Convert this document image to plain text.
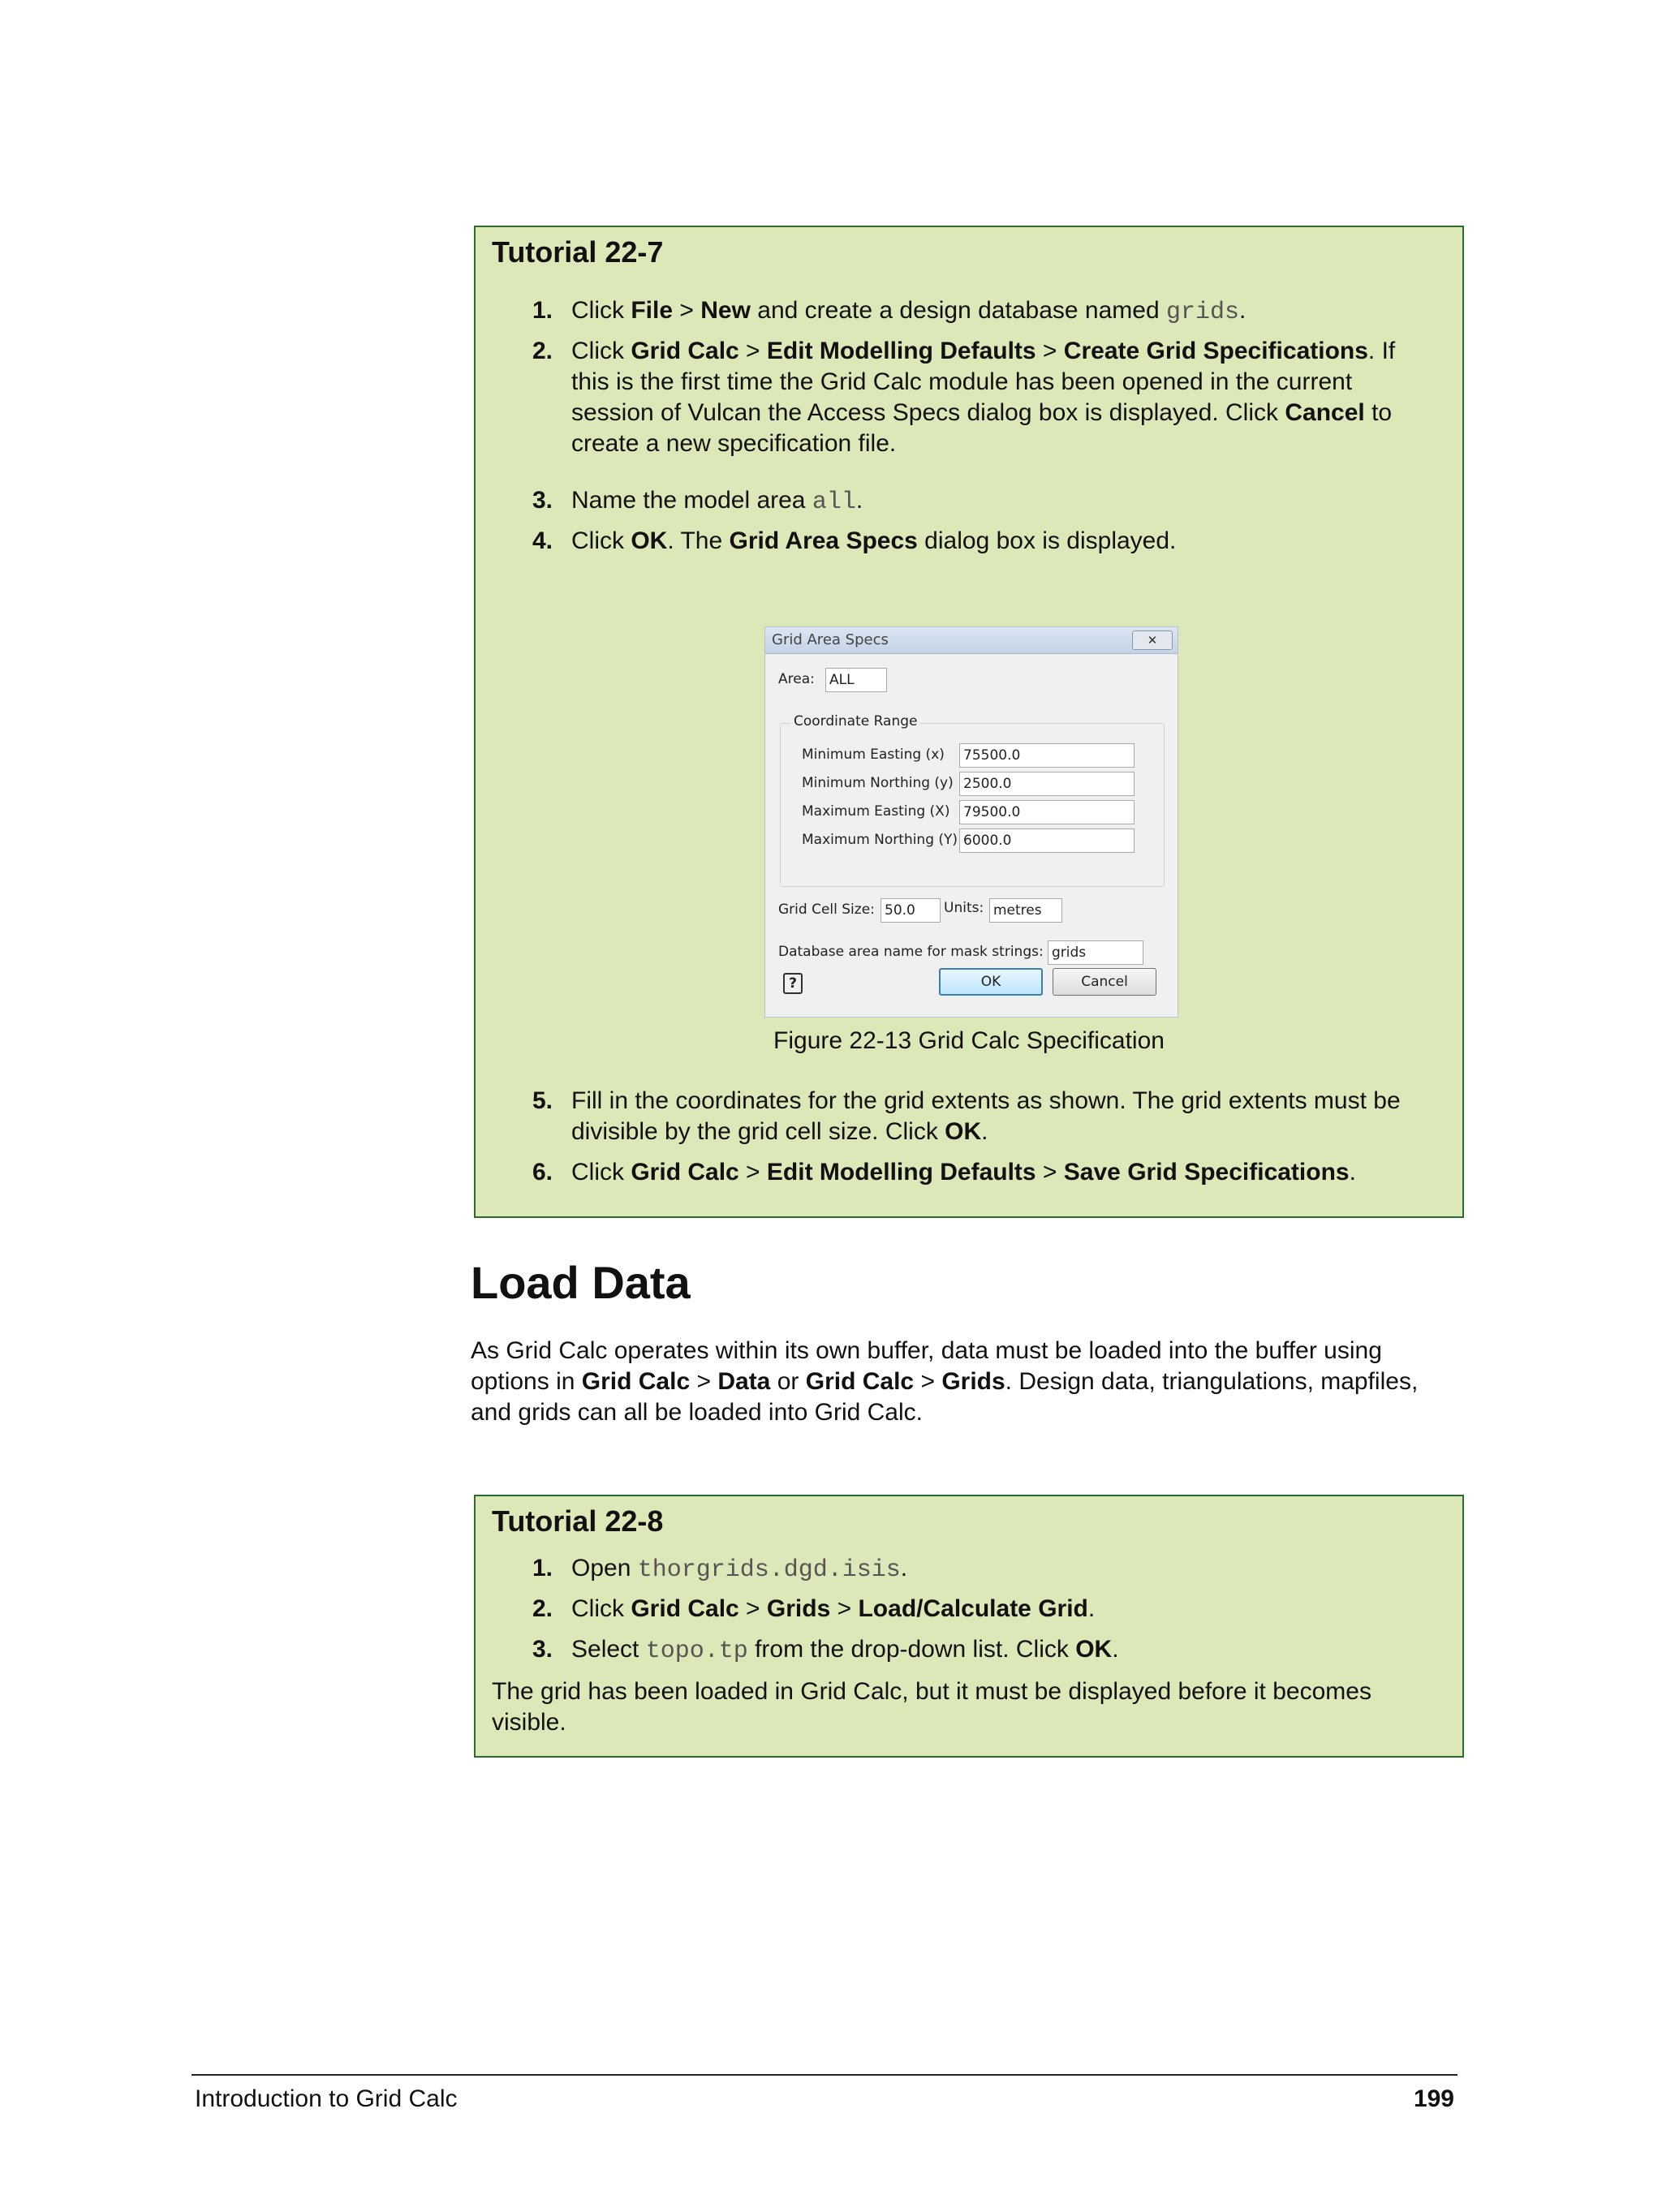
Tutorial 22-7
1. Click File > New and create a design database named grids.
2. Click Grid Calc > Edit Modelling Defaults > Create Grid Specifications. If this is the first time the Grid Calc module has been opened in the current session of Vulcan the Access Specs dialog box is displayed. Click Cancel to create a new specification file.
3. Name the model area all.
4. Click OK. The Grid Area Specs dialog box is displayed.
Grid Area Specs	✕
Area: ALL
Coordinate Range
Minimum Easting (x) 75500.0
Minimum Northing (y) 2500.0
Maximum Easting (X) 79500.0
Maximum Northing (Y) 6000.0
Grid Cell Size: 50.0	Units: metres
Database area name for mask strings: grids
?	OK	Cancel
Figure 22-13 Grid Calc Specification
5. Fill in the coordinates for the grid extents as shown. The grid extents must be divisible by the grid cell size. Click OK.
6. Click Grid Calc > Edit Modelling Defaults > Save Grid Specifications.
Load Data
As Grid Calc operates within its own buffer, data must be loaded into the buffer using options in Grid Calc > Data or Grid Calc > Grids. Design data, triangulations, mapfiles, and grids can all be loaded into Grid Calc.
Tutorial 22-8
1. Open thorgrids.dgd.isis.
2. Click Grid Calc > Grids > Load/Calculate Grid.
3. Select topo.tp from the drop-down list. Click OK.
The grid has been loaded in Grid Calc, but it must be displayed before it becomes visible.
Introduction to Grid Calc	199
